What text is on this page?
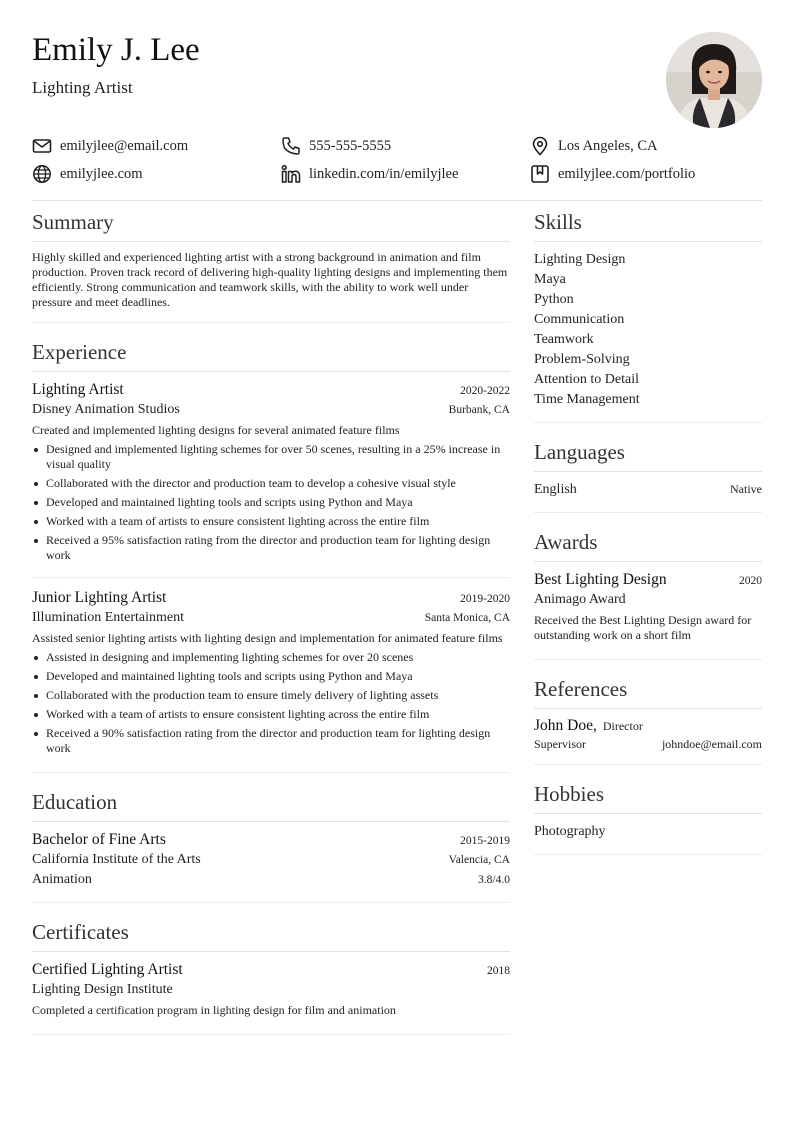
Emily J. Lee
Lighting Artist
emilyjlee@email.com	555-555-5555	Los Angeles, CA
emilyjlee.com	linkedin.com/in/emilyjlee	emilyjlee.com/portfolio
Summary

Highly skilled and experienced lighting artist with a strong background in animation and film production. Proven track record of delivering high-quality lighting designs and implementing them efficiently. Strong communication and teamwork skills, with the ability to work well under pressure and meet deadlines.

Experience
Lighting Artist	2020-2022
Disney Animation Studios	Burbank, CA

Created and implemented lighting designs for several animated feature films

Designed and implemented lighting schemes for over 50 scenes, resulting in a 25% increase in visual quality
Collaborated with the director and production team to develop a cohesive visual style
Developed and maintained lighting tools and scripts using Python and Maya
Worked with a team of artists to ensure consistent lighting across the entire film
Received a 95% satisfaction rating from the director and production team for lighting design work
Junior Lighting Artist	2019-2020
Illumination Entertainment	Santa Monica, CA

Assisted senior lighting artists with lighting design and implementation for animated feature films

Assisted in designing and implementing lighting schemes for over 20 scenes
Developed and maintained lighting tools and scripts using Python and Maya
Collaborated with the production team to ensure timely delivery of lighting assets
Worked with a team of artists to ensure consistent lighting across the entire film
Received a 90% satisfaction rating from the director and production team for lighting design work
Education
Bachelor of Fine Arts	2015-2019
California Institute of the Arts	Valencia, CA
Animation	3.8/4.0
Certificates
Certified Lighting Artist	2018
Lighting Design Institute

Completed a certification program in lighting design for film and animation

Skills
Lighting Design
Maya
Python
Communication
Teamwork
Problem-Solving
Attention to Detail
Time Management
Languages
English	Native
Awards
Best Lighting Design	2020
Animago Award

Received the Best Lighting Design award for outstanding work on a short film

References
John Doe, Director
Supervisor	johndoe@email.com
Hobbies
Photography
